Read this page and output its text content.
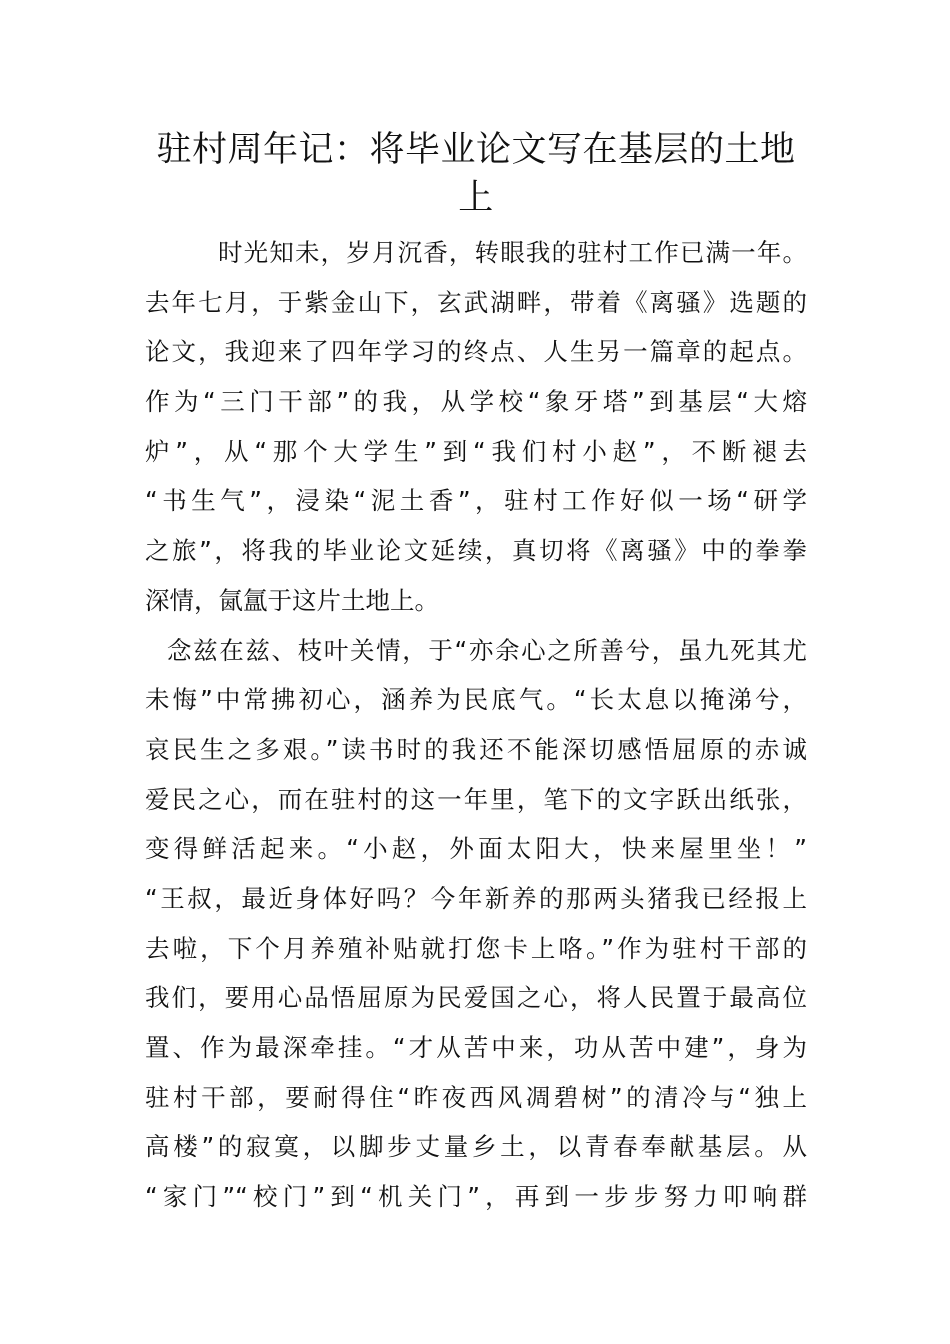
驻村周年记：将毕业论文写在基层的土地上
时光知未，岁月沉香，转眼我的驻村工作已满一年。
去年七月，于紫金山下，玄武湖畔，带着《离骚》选题的
论文，我迎来了四年学习的终点、人生另一篇章的起点。
作为“三门干部”的我，从学校“象牙塔”到基层“大熔
炉”，从“那个大学生”到“我们村小赵”，不断褪去
“书生气”，浸染“泥土香”，驻村工作好似一场“研学
之旅”，将我的毕业论文延续，真切将《离骚》中的拳拳
深情，氤氲于这片土地上。
念兹在兹、枝叶关情，于“亦余心之所善兮，虽九死其尤
未悔”中常拂初心，涵养为民底气。“长太息以掩涕兮，
哀民生之多艰。”读书时的我还不能深切感悟屈原的赤诚
爱民之心，而在驻村的这一年里，笔下的文字跃出纸张，
变得鲜活起来。“小赵，外面太阳大，快来屋里坐！”
“王叔，最近身体好吗？今年新养的那两头猪我已经报上
去啦，下个月养殖补贴就打您卡上咯。”作为驻村干部的
我们，要用心品悟屈原为民爱国之心，将人民置于最高位
置、作为最深牵挂。“才从苦中来，功从苦中建”，身为
驻村干部，要耐得住“昨夜西风凋碧树”的清冷与“独上
高楼”的寂寞，以脚步丈量乡土，以青春奉献基层。从
“家门”“校门”到“机关门”，再到一步步努力叩响群
